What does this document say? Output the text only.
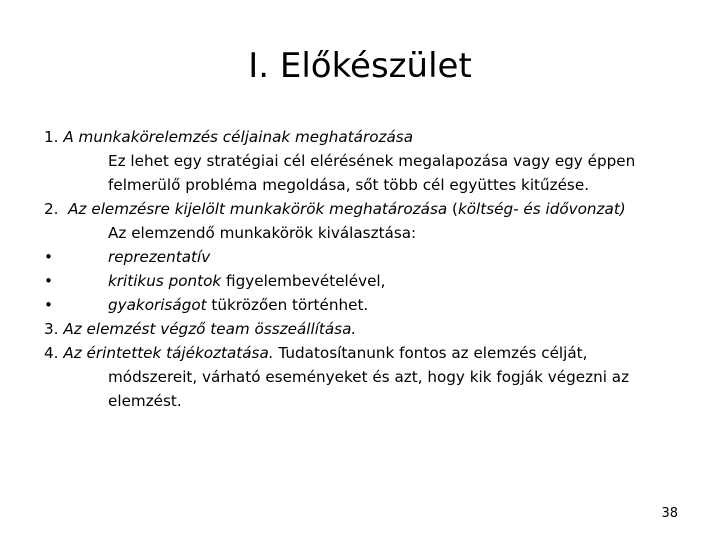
I. Előkészület
1. A munkakörelemzés céljainak meghatározása
Ez lehet egy stratégiai cél elérésének megalapozása vagy egy éppen
felmerülő probléma megoldása, sőt több cél együttes kitűzése.
2. Az elemzésre kijelölt munkakörök meghatározása (költség- és idővonzat)
Az elemzendő munkakörök kiválasztása:
•	reprezentatív
•	kritikus pontok figyelembevételével,
•	gyakoriságot tükrözően történhet.
3. Az elemzést végző team összeállítása.
4. Az érintettek tájékoztatása. Tudatosítanunk fontos az elemzés célját,
módszereit, várható eseményeket és azt, hogy kik fogják végezni az
elemzést.
38
